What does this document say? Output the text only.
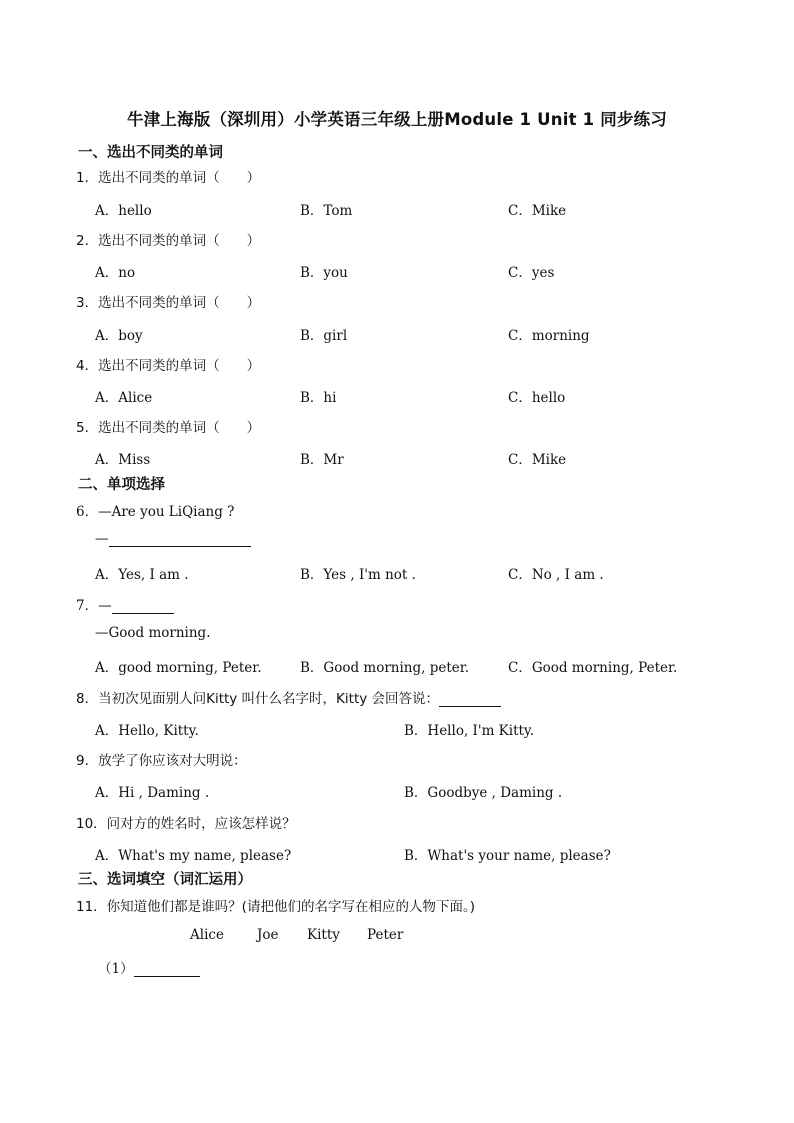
牛津上海版（深圳用）小学英语三年级上册Module 1 Unit 1 同步练习
一、选出不同类的单词
1．选出不同类的单词（　　）
A．hello	B．Tom	C．Mike
2．选出不同类的单词（　　）
A．no	B．you	C．yes
3．选出不同类的单词（　　）
A．boy	B．girl	C．morning
4．选出不同类的单词（　　）
A．Alice	B．hi	C．hello
5．选出不同类的单词（　　）
A．Miss	B．Mr	C．Mike
二、单项选择
6．—Are you LiQiang ?
—
A．Yes, I am .	B．Yes , I'm not .	C．No , I am .
7．—
—Good morning.
A．good morning, Peter.	B．Good morning, peter.	C．Good morning, Peter.
8．当初次见面别人问Kitty 叫什么名字时，Kitty 会回答说：
A．Hello, Kitty.	B．Hello, I'm Kitty.
9．放学了你应该对大明说：
A．Hi , Daming .	B．Goodbye , Daming .
10．问对方的姓名时，应该怎样说？
A．What's my name, please?	B．What's your name, please?
三、选词填空（词汇运用）
11．你知道他们都是谁吗？(请把他们的名字写在相应的人物下面。)
Alice Joe Kitty Peter
（1）
